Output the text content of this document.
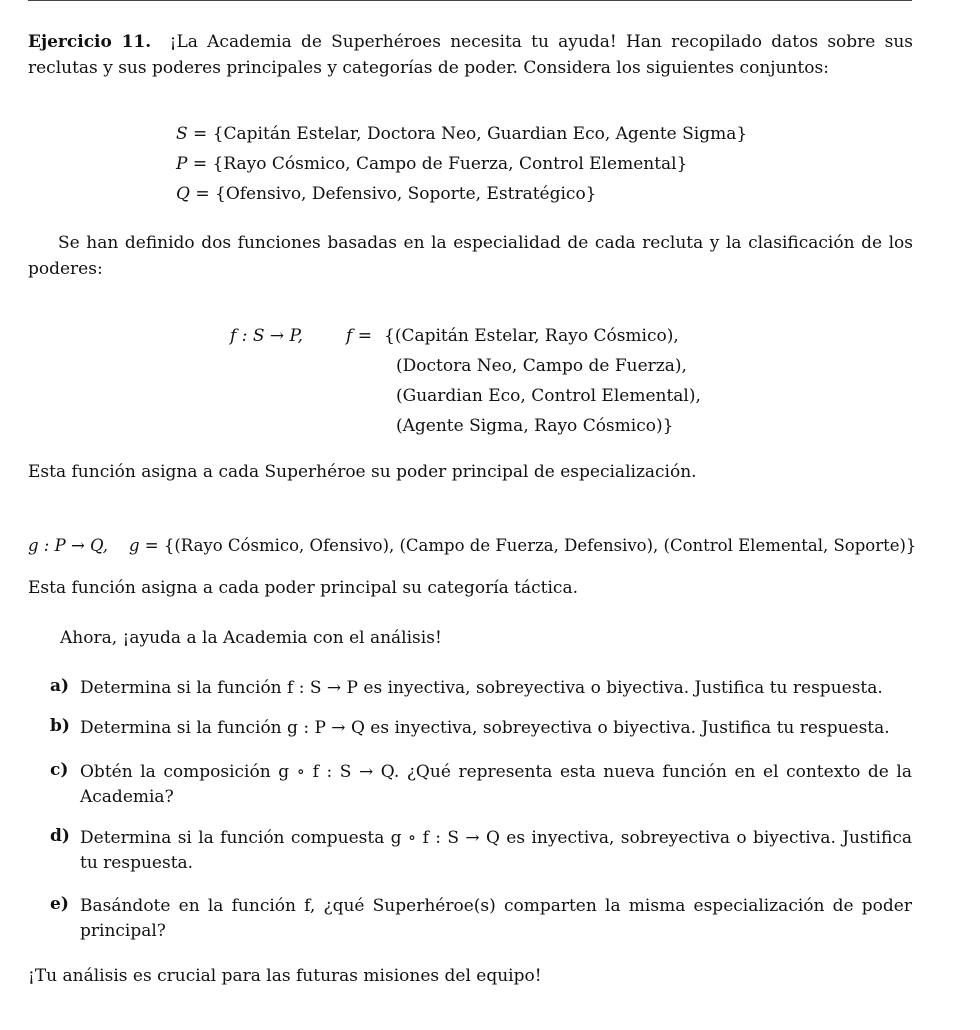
Ejercicio 11. ¡La Academia de Superhéroes necesita tu ayuda! Han recopilado datos sobre sus reclutas y sus poderes principales y categorías de poder. Considera los siguientes conjuntos:
S = {Capitán Estelar, Doctora Neo, Guardian Eco, Agente Sigma}
P = {Rayo Cósmico, Campo de Fuerza, Control Elemental}
Q = {Ofensivo, Defensivo, Soporte, Estratégico}
Se han definido dos funciones basadas en la especialidad de cada recluta y la clasificación de los poderes:
f : S → P,	f = {(Capitán Estelar, Rayo Cósmico),
(Doctora Neo, Campo de Fuerza),
(Guardian Eco, Control Elemental),
(Agente Sigma, Rayo Cósmico)}
Esta función asigna a cada Superhéroe su poder principal de especialización.
g : P → Q, g = {(Rayo Cósmico, Ofensivo), (Campo de Fuerza, Defensivo), (Control Elemental, Soporte)}
Esta función asigna a cada poder principal su categoría táctica.
Ahora, ¡ayuda a la Academia con el análisis!
a) Determina si la función f : S → P es inyectiva, sobreyectiva o biyectiva. Justifica tu respuesta.
b) Determina si la función g : P → Q es inyectiva, sobreyectiva o biyectiva. Justifica tu respuesta.
c) Obtén la composición g ∘ f : S → Q. ¿Qué representa esta nueva función en el contexto de la Academia?
d) Determina si la función compuesta g ∘ f : S → Q es inyectiva, sobreyectiva o biyectiva. Justifica tu respuesta.
e) Basándote en la función f, ¿qué Superhéroe(s) comparten la misma especialización de poder principal?
¡Tu análisis es crucial para las futuras misiones del equipo!
